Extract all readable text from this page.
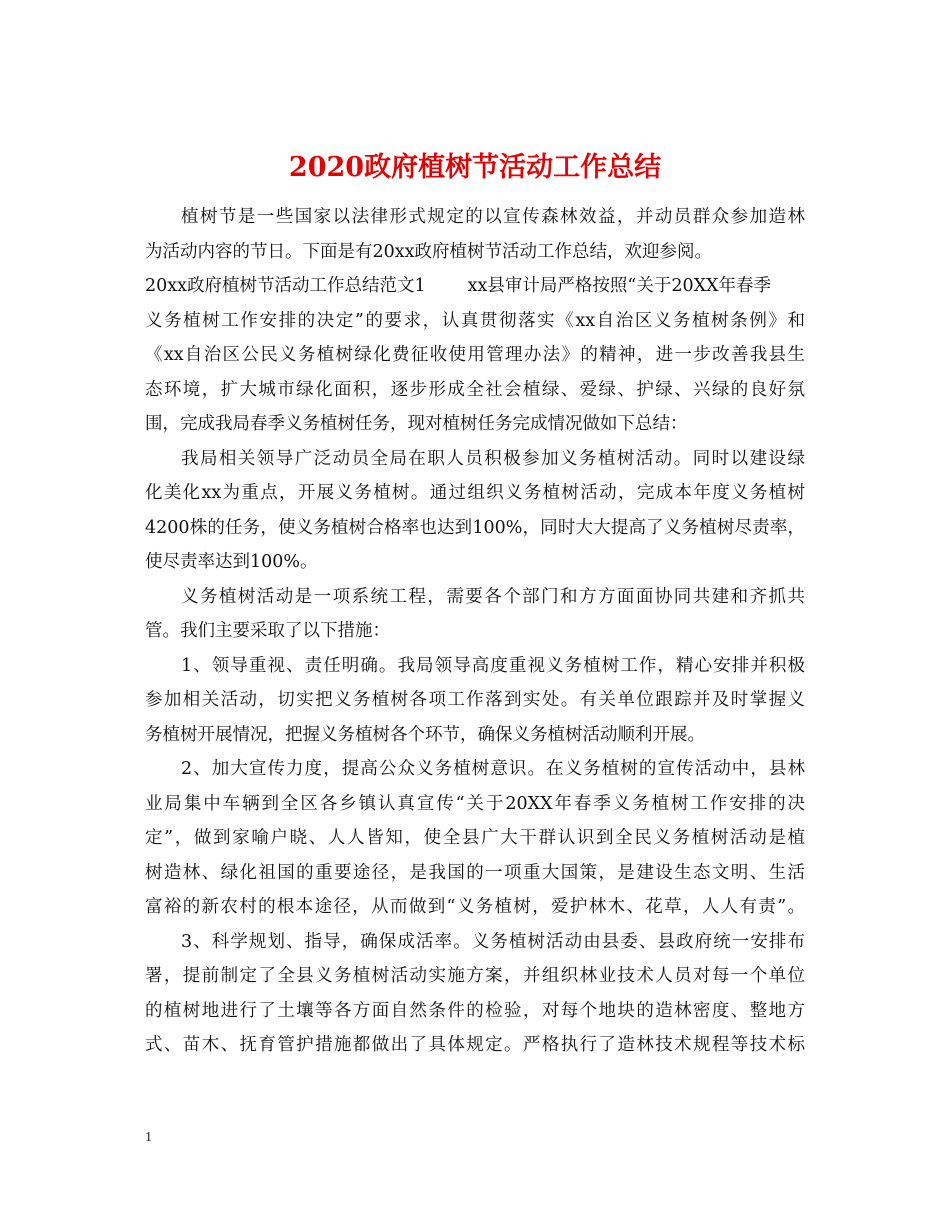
2020政府植树节活动工作总结
植树节是一些国家以法律形式规定的以宣传森林效益，并动员群众参加造林
为活动内容的节日。下面是有20xx政府植树节活动工作总结，欢迎参阅。
20xx政府植树节活动工作总结范文1 xx县审计局严格按照“关于20XX年春季
义务植树工作安排的决定”的要求，认真贯彻落实《xx自治区义务植树条例》和
《xx自治区公民义务植树绿化费征收使用管理办法》的精神，进一步改善我县生
态环境，扩大城市绿化面积，逐步形成全社会植绿、爱绿、护绿、兴绿的良好氛
围，完成我局春季义务植树任务，现对植树任务完成情况做如下总结：
我局相关领导广泛动员全局在职人员积极参加义务植树活动。同时以建设绿
化美化xx为重点，开展义务植树。通过组织义务植树活动，完成本年度义务植树
4200株的任务，使义务植树合格率也达到100%，同时大大提高了义务植树尽责率，
使尽责率达到100%。
义务植树活动是一项系统工程，需要各个部门和方方面面协同共建和齐抓共
管。我们主要采取了以下措施：
1、领导重视、责任明确。我局领导高度重视义务植树工作，精心安排并积极
参加相关活动，切实把义务植树各项工作落到实处。有关单位跟踪并及时掌握义
务植树开展情况，把握义务植树各个环节，确保义务植树活动顺利开展。
2、加大宣传力度，提高公众义务植树意识。在义务植树的宣传活动中，县林
业局集中车辆到全区各乡镇认真宣传“关于20XX年春季义务植树工作安排的决
定”，做到家喻户晓、人人皆知，使全县广大干群认识到全民义务植树活动是植
树造林、绿化祖国的重要途径，是我国的一项重大国策，是建设生态文明、生活
富裕的新农村的根本途径，从而做到“义务植树，爱护林木、花草，人人有责”。
3、科学规划、指导，确保成活率。义务植树活动由县委、县政府统一安排布
署，提前制定了全县义务植树活动实施方案，并组织林业技术人员对每一个单位
的植树地进行了土壤等各方面自然条件的检验，对每个地块的造林密度、整地方
式、苗木、抚育管护措施都做出了具体规定。严格执行了造林技术规程等技术标
1
